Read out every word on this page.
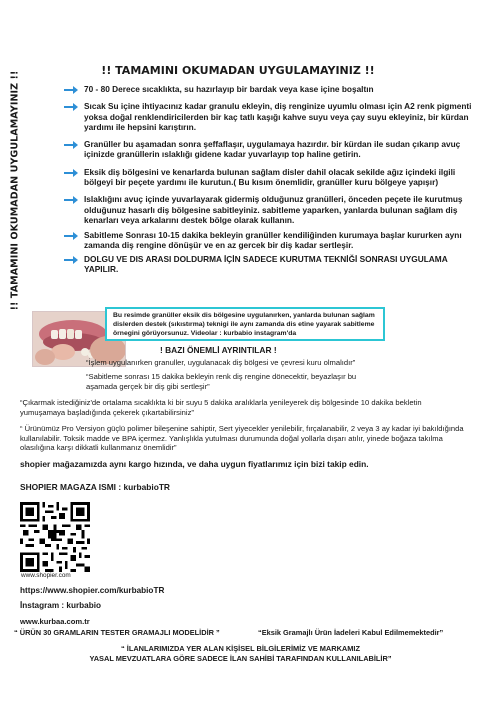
!! TAMAMINI OKUMADAN UYGULAMAYINIZ !!	!! TAMAMINI OKUMADAN UYGULAMAYINIZ !!
70 - 80 Derece sıcaklıkta, su hazırlayıp bir bardak veya kase içine boşaltın
Sıcak Su içine ihtiyacınız kadar granulu ekleyin, diş renginize uyumlu olması için A2 renk pigmenti yoksa doğal renklendiricilerden bir kaç tatlı kaşığı kahve suyu veya çay suyu ekleyiniz, bir kürdan yardımı ile hepsini karıştırın.
Granüller bu aşamadan sonra şeffaflaşır, uygulamaya hazırdır. bir kürdan ile sudan çıkarıp avuç içinizde granüllerin ıslaklığı gidene kadar yuvarlayıp top haline getirin.
Eksik diş bölgesini ve kenarlarda bulunan sağlam disler dahil olacak sekilde ağız içindeki ilgili bölgeyi bir peçete yardımı ile kurutun.( Bu kısım önemlidir, granüller kuru bölgeye yapışır)
Islaklığını avuç içinde yuvarlayarak gidermiş olduğunuz granülleri, önceden peçete ile kurutmuş olduğunuz hasarlı diş bölgesine sabitleyiniz. sabitleme yaparken, yanlarda bulunan sağlam diş kenarları veya arkalarını destek bölge olarak kullanın.
Sabitleme Sonrası 10-15 dakika bekleyin granüller kendiliğinden kurumaya başlar kururken aynı zamanda diş rengine dönüşür ve en az gercek bir diş kadar sertleşir.
DOLGU VE DIS ARASI DOLDURMA İÇİN SADECE KURUTMA TEKNİĞİ SONRASI UYGULAMA YAPILIR.
Bu resimde granüller eksik dis bölgesine uygulanırken, yanlarda bulunan sağlam dislerden destek (sıkıstırma) teknigi ile aynı zamanda dis etine yayarak sabitleme örnegini görüyorsunuz. Videolar : kurbabio instagram'da
! BAZI ÖNEMLİ AYRINTILAR !
“İşlem uygulanırken granuller, uygulanacak diş bölgesi ve çevresi kuru olmalıdır”
“Sabitleme sonrası 15 dakika bekleyin renk diş rengine dönecektir, beyazlaşır bu aşamada gerçek bir diş gibi sertleşir”
“Çıkarmak istediğiniz'de ortalama sıcaklıkta ki bir suyu 5 dakika aralıklarla yenileyerek diş bölgesinde 10 dakika bekletin yumuşamaya başladığında çekerek çıkartabilirsiniz”
“ Ürünümüz Pro Versiyon güçlü polimer bileşenine sahiptir, Sert yiyecekler yenilebilir, fırçalanabilir, 2 veya 3 ay kadar iyi bakıldığında kullanılabilir. Toksik madde ve BPA içermez. Yanlışlıkla yutulması durumunda doğal yollarla dışarı atılır, yinede boğaza takılma olasılığına karşı dikkatli kullanmanız önemlidir”
shopier mağazamızda aynı kargo hızında, ve daha uygun fiyatlarımız için bizi takip edin.
SHOPIER MAGAZA ISMI : kurbabioTR
www.shopier.com
https://www.shopier.com/kurbabioTR
İnstagram : kurbabio
www.kurbaa.com.tr
“ ÜRÜN 30 GRAMLARIN TESTER GRAMAJLI MODELİDİR ”	“Eksik Gramajlı Ürün İadeleri Kabul Edilmemektedir”
“ İLANLARIMIZDA YER ALAN KİŞİSEL BİLGİLERİMİZ VE MARKAMIZ
YASAL MEVZUATLARA GÖRE SADECE İLAN SAHİBİ TARAFINDAN KULLANILABİLİR”
